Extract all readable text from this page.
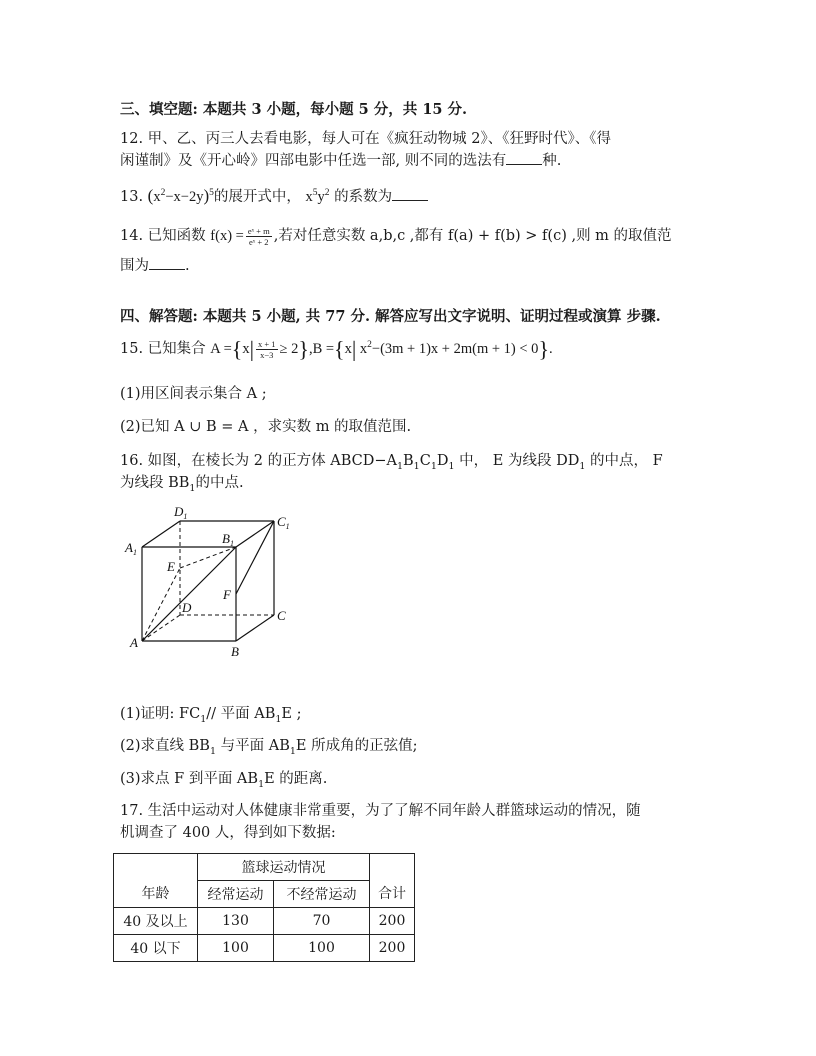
三、填空题: 本题共 3 小题，每小题 5 分，共 15 分.
12. 甲、乙、丙三人去看电影，每人可在《疯狂动物城 2》、《狂野时代》、《得
闲谨制》及《开心岭》四部电影中任选一部, 则不同的选法有 种.
13. $(x^2-x-2y)^5$的展开式中， $x^5y^2$ 的系数为
14. 已知函数 $f(x) = \frac{\text{eˣ + m}}{\text{eˣ + 2}}$ ,若对任意实数 a,b,c ,都有 f(a) + f(b) > f(c) ,则 m 的取值范
围为 .
四、解答题: 本题共 5 小题, 共 77 分. 解答应写出文字说明、证明过程或演算 步骤.
15. 已知集合 $A =\{x| \frac{x + 1}{x-3} \ge 2\},B =\{x|$ $x^2-(3m + 1)x + 2m(m + 1) < 0$}.
(1)用区间表示集合 A ;
(2)已知 A ∪ B = A ，求实数 m 的取值范围.
16. 如图，在棱长为 2 的正方体 $ABCD-A_1B_1C_1D_1$ 中， E 为线段 $DD_1$ 的中点， F
为线段 $BB_1$的中点.
$A_1$
$D_1$
$B_1$
$C_1$
E
F
D
C
A
B
(1)证明: $FC_1//$ 平面 $AB_1E$ ;
(2)求直线 $BB_1$ 与平面 $AB_1E$ 所成角的正弦值;
(3)求点 F 到平面 $AB_1E$ 的距离.
17. 生活中运动对人体健康非常重要，为了了解不同年龄人群篮球运动的情况，随
机调查了 400 人，得到如下数据:
年龄	篮球运动情况		合计
	经常运动	不经常运动	
40 及以上	130	70	200
40 以下	100	100	200
